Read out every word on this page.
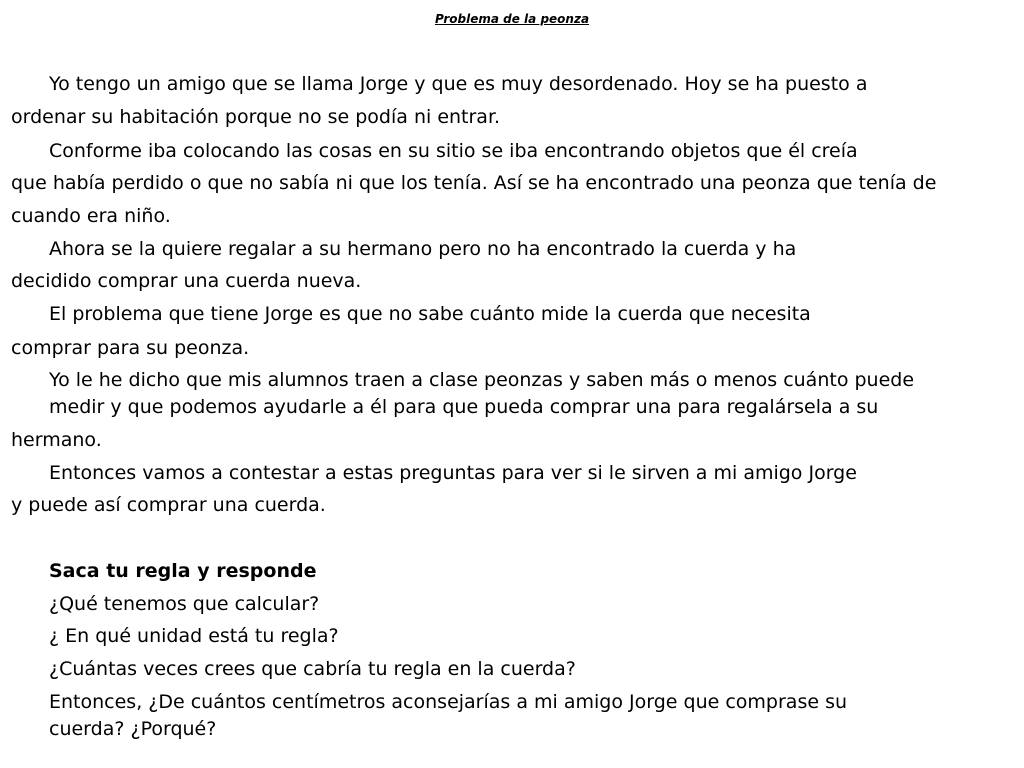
Problema de la peonza

Yo tengo un amigo que se llama Jorge y que es muy desordenado. Hoy se ha puesto a

ordenar su habitación porque no se podía ni entrar.

Conforme iba colocando las cosas en su sitio se iba encontrando objetos que él creía

que había perdido o que no sabía ni que los tenía. Así se ha encontrado una peonza que tenía de

cuando era niño.

Ahora se la quiere regalar a su hermano pero no ha encontrado la cuerda y ha

decidido comprar una cuerda nueva.

El problema que tiene Jorge es que no sabe cuánto mide la cuerda que necesita

comprar para su peonza.

Yo le he dicho que mis alumnos traen a clase peonzas y saben más o menos cuánto puede

medir y que podemos ayudarle a él para que pueda comprar una para regalársela a su

hermano.

Entonces vamos a contestar a estas preguntas para ver si le sirven a mi amigo Jorge

y puede así comprar una cuerda.

Saca tu regla y responde

¿Qué tenemos que calcular?

¿ En qué unidad está tu regla?

¿Cuántas veces crees que cabría tu regla en la cuerda?

Entonces, ¿De cuántos centímetros aconsejarías a mi amigo Jorge que comprase su

cuerda? ¿Porqué?
